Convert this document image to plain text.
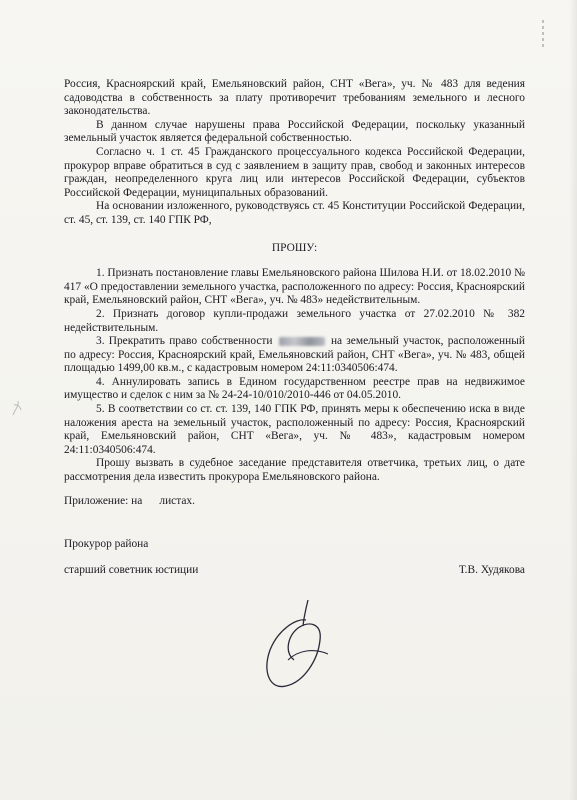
Россия, Красноярский край, Емельяновский район, СНТ «Вега», уч. № 483 для ведения садоводства в собственность за плату противоречит требованиям земельного и лесного законодательства.

В данном случае нарушены права Российской Федерации, поскольку указанный земельный участок является федеральной собственностью.

Согласно ч. 1 ст. 45 Гражданского процессуального кодекса Российской Федерации, прокурор вправе обратиться в суд с заявлением в защиту прав, свобод и законных интересов граждан, неопределенного круга лиц или интересов Российской Федерации, субъектов Российской Федерации, муниципальных образований.

На основании изложенного, руководствуясь ст. 45 Конституции Российской Федерации, ст. 45, ст. 139, ст. 140 ГПК РФ,

ПРОШУ:

1. Признать постановление главы Емельяновского района Шилова Н.И. от 18.02.2010 № 417 «О предоставлении земельного участка, расположенного по адресу: Россия, Красноярский край, Емельяновский район, СНТ «Вега», уч. № 483» недействительным.

2. Признать договор купли-продажи земельного участка от 27.02.2010 № 382 недействительным.

3. Прекратить право собственности	на земельный участок, расположенный по адресу: Россия, Красноярский край, Емельяновский район, СНТ «Вега», уч. № 483, общей площадью 1499,00 кв.м., с кадастровым номером 24:11:0340506:474.

4. Аннулировать запись в Едином государственном реестре прав на недвижимое имущество и сделок с ним за № 24-24-10/010/2010-446 от 04.05.2010.

5. В соответствии со ст. ст. 139, 140 ГПК РФ, принять меры к обеспечению иска в виде наложения ареста на земельный участок, расположенный по адресу: Россия, Красноярский край, Емельяновский район, СНТ «Вега», уч. № 483», кадастровым номером 24:11:0340506:474.

Прошу вызвать в судебное заседание представителя ответчика, третьих лиц, о дате рассмотрения дела известить прокурора Емельяновского района.

Приложение: на      листах.

Прокурор района
старший советник юстиции	Т.В. Худякова
